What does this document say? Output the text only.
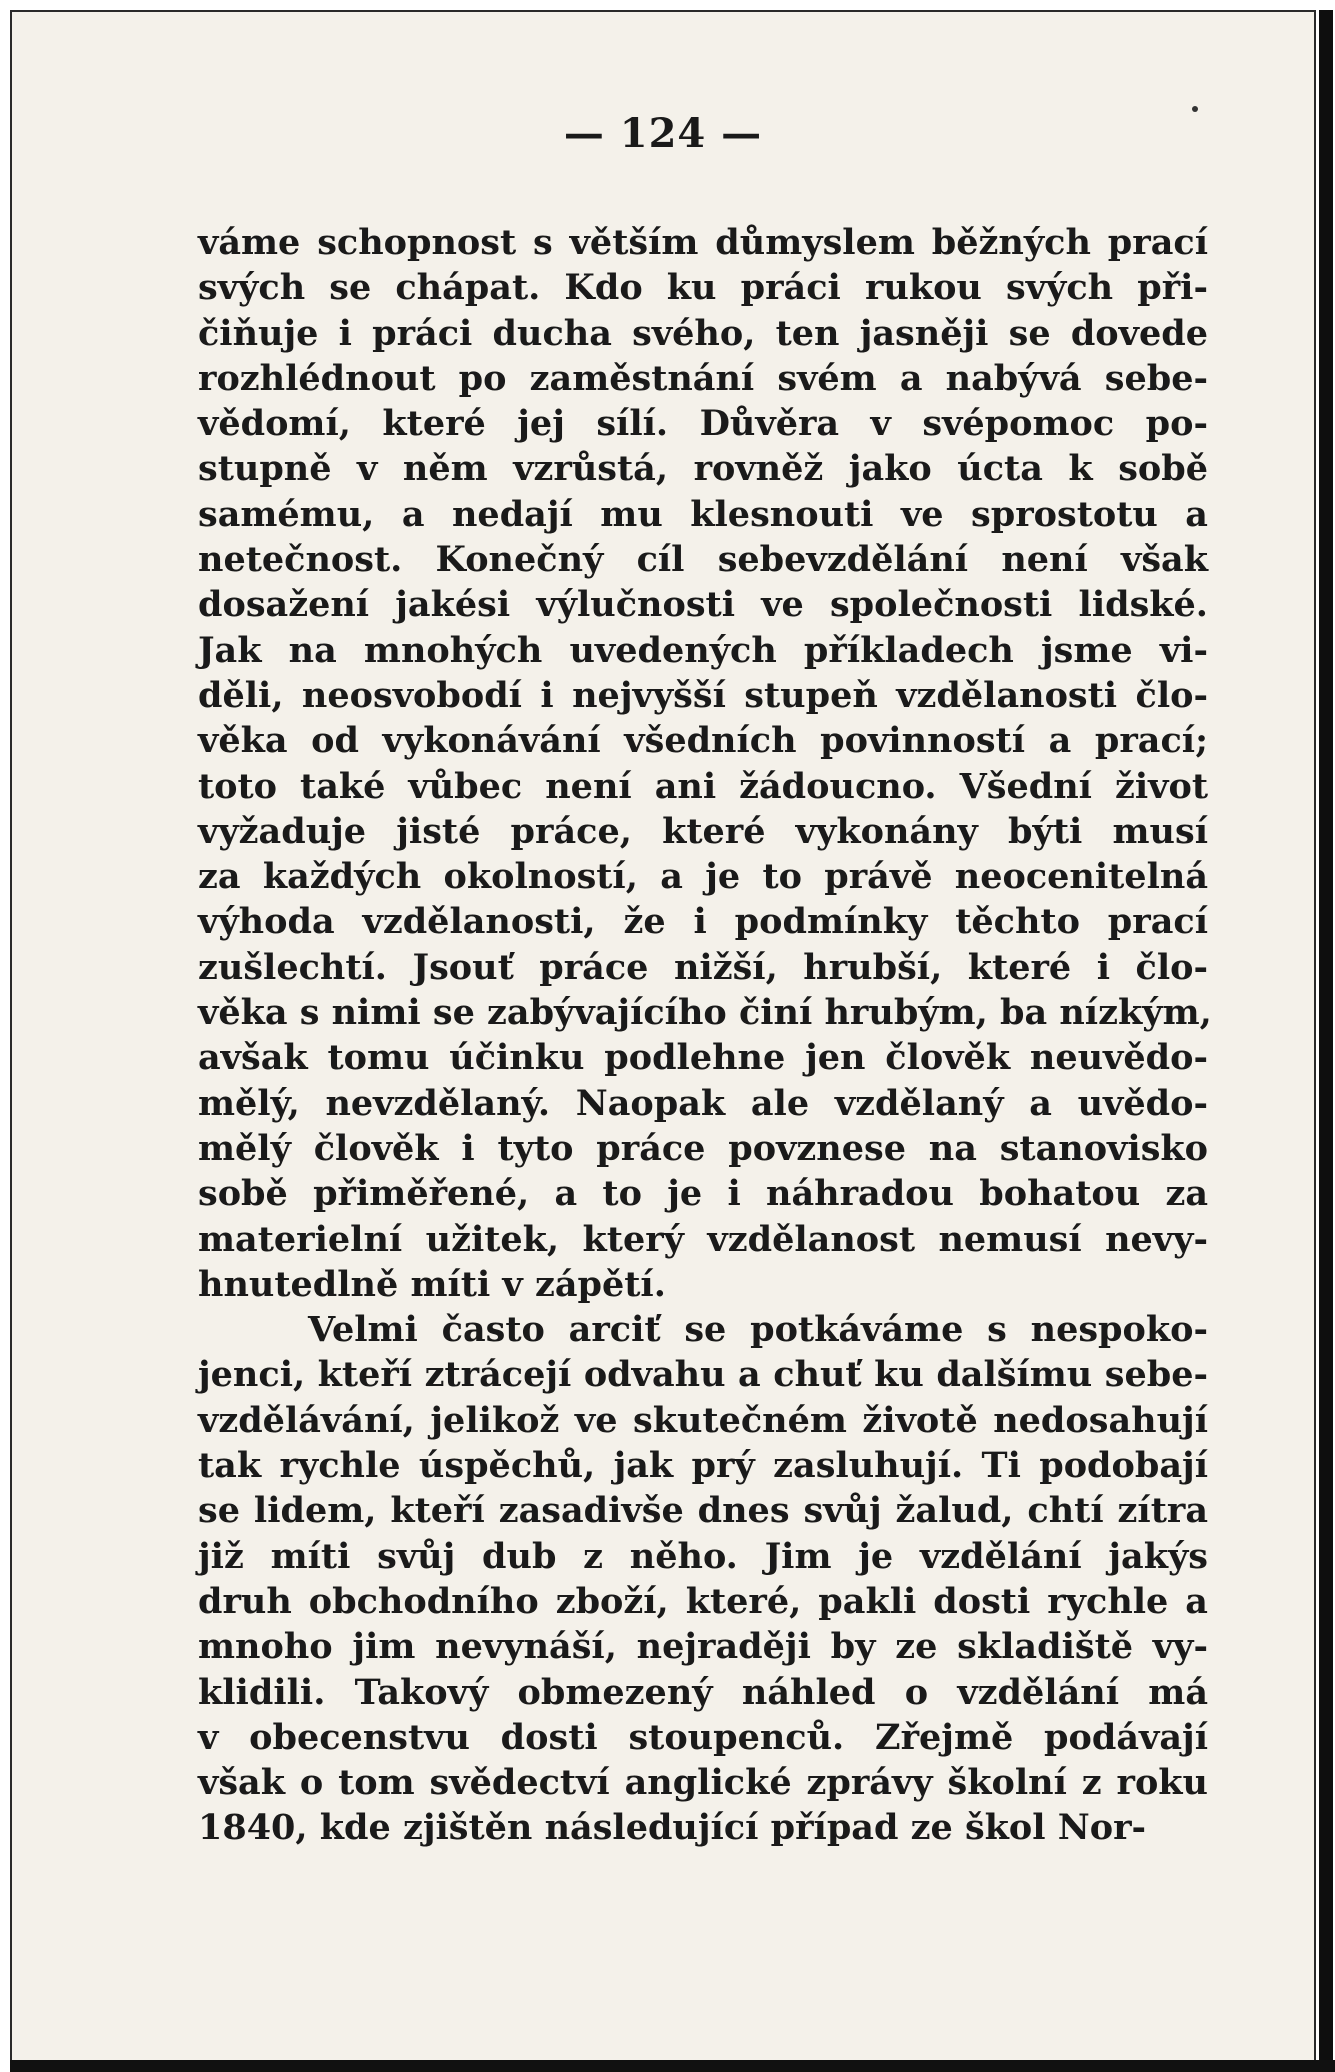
— 124 —
váme schopnost s větším důmyslem běžných prací
svých se chápat. Kdo ku práci rukou svých při-
čiňuje i práci ducha svého, ten jasněji se dovede
rozhlédnout po zaměstnání svém a nabývá sebe-
vědomí, které jej sílí. Důvěra v svépomoc po-
stupně v něm vzrůstá, rovněž jako úcta k sobě
samému, a nedají mu klesnouti ve sprostotu a
netečnost. Konečný cíl sebevzdělání není však
dosažení jakési výlučnosti ve společnosti lidské.
Jak na mnohých uvedených příkladech jsme vi-
děli, neosvobodí i nejvyšší stupeň vzdělanosti člo-
věka od vykonávání všedních povinností a prací;
toto také vůbec není ani žádoucno. Všední život
vyžaduje jisté práce, které vykonány býti musí
za každých okolností, a je to právě neocenitelná
výhoda vzdělanosti, že i podmínky těchto prací
zušlechtí. Jsouť práce nižší, hrubší, které i člo-
věka s nimi se zabývajícího činí hrubým, ba nízkým,
avšak tomu účinku podlehne jen člověk neuvědo-
mělý, nevzdělaný. Naopak ale vzdělaný a uvědo-
mělý člověk i tyto práce povznese na stanovisko
sobě přiměřené, a to je i náhradou bohatou za
materielní užitek, který vzdělanost nemusí nevy-
hnutedlně míti v zápětí.
Velmi často arciť se potkáváme s nespoko-
jenci, kteří ztrácejí odvahu a chuť ku dalšímu sebe-
vzdělávání, jelikož ve skutečném životě nedosahují
tak rychle úspěchů, jak prý zasluhují. Ti podobají
se lidem, kteří zasadivše dnes svůj žalud, chtí zítra
již míti svůj dub z něho. Jim je vzdělání jakýs
druh obchodního zboží, které, pakli dosti rychle a
mnoho jim nevynáší, nejraději by ze skladiště vy-
klidili. Takový obmezený náhled o vzdělání má
v obecenstvu dosti stoupenců. Zřejmě podávají
však o tom svědectví anglické zprávy školní z roku
1840, kde zjištěn následující případ ze škol Nor-
